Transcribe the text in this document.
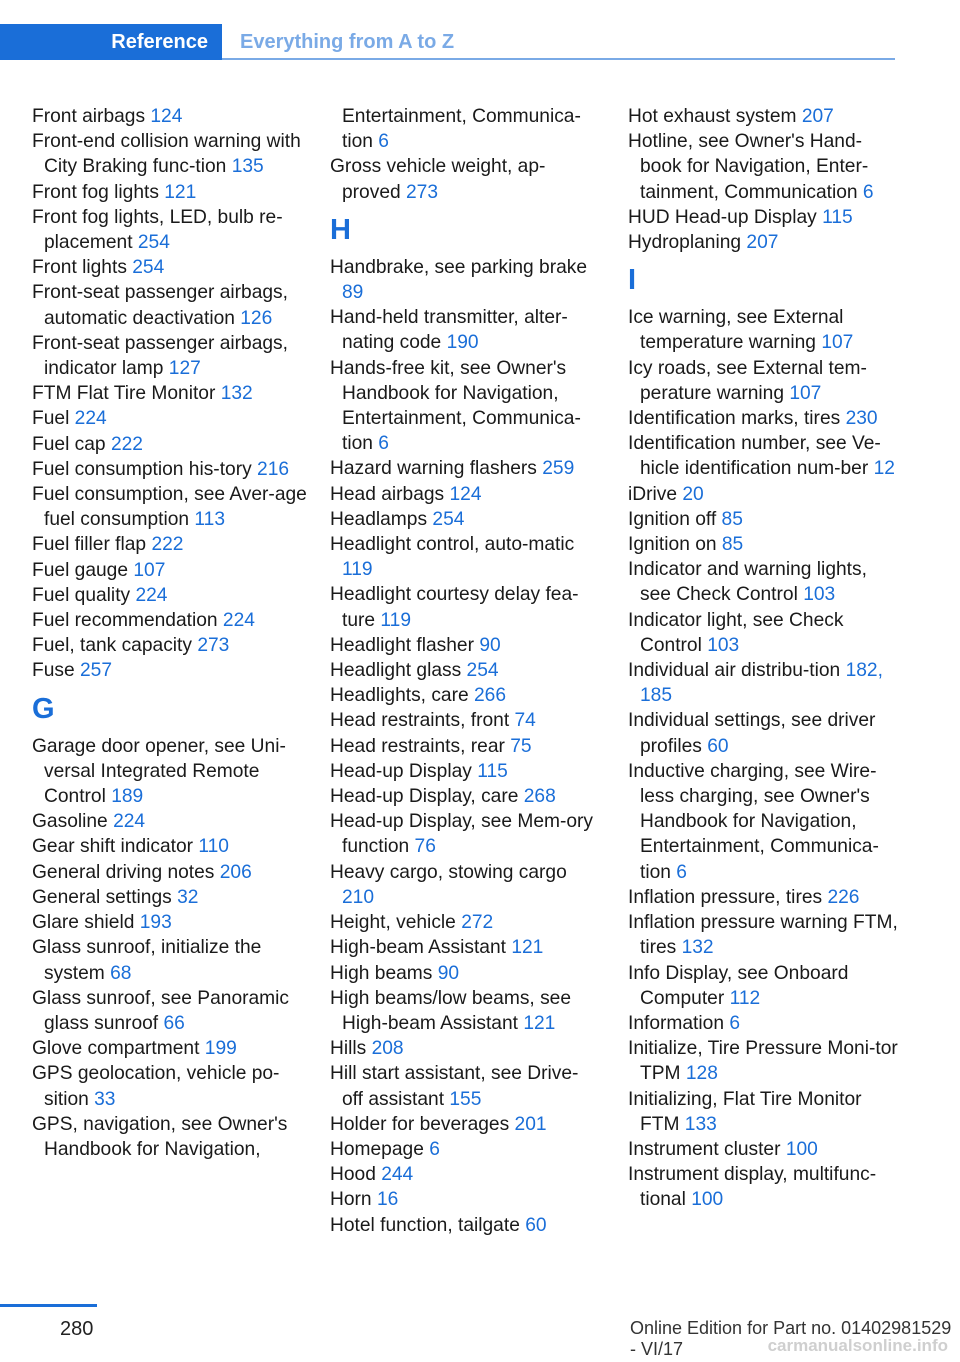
Reference	Everything from A to Z
Front airbags 124
Front-end collision warning with City Braking func-tion 135
Front fog lights 121
Front fog lights, LED, bulb re-placement 254
Front lights 254
Front-seat passenger airbags, automatic deactivation 126
Front-seat passenger airbags, indicator lamp 127
FTM Flat Tire Monitor 132
Fuel 224
Fuel cap 222
Fuel consumption his-tory 216
Fuel consumption, see Aver-age fuel consumption 113
Fuel filler flap 222
Fuel gauge 107
Fuel quality 224
Fuel recommendation 224
Fuel, tank capacity 273
Fuse 257
G
Garage door opener, see Uni-versal Integrated Remote Control 189
Gasoline 224
Gear shift indicator 110
General driving notes 206
General settings 32
Glare shield 193
Glass sunroof, initialize the system 68
Glass sunroof, see Panoramic glass sunroof 66
Glove compartment 199
GPS geolocation, vehicle po-sition 33
GPS, navigation, see Owner's Handbook for Navigation,
Entertainment, Communica-tion 6
Gross vehicle weight, ap-proved 273
H
Handbrake, see parking brake 89
Hand-held transmitter, alter-nating code 190
Hands-free kit, see Owner's Handbook for Navigation, Entertainment, Communica-tion 6
Hazard warning flashers 259
Head airbags 124
Headlamps 254
Headlight control, auto-matic 119
Headlight courtesy delay fea-ture 119
Headlight flasher 90
Headlight glass 254
Headlights, care 266
Head restraints, front 74
Head restraints, rear 75
Head-up Display 115
Head-up Display, care 268
Head-up Display, see Mem-ory function 76
Heavy cargo, stowing cargo 210
Height, vehicle 272
High-beam Assistant 121
High beams 90
High beams/low beams, see High-beam Assistant 121
Hills 208
Hill start assistant, see Drive-off assistant 155
Holder for beverages 201
Homepage 6
Hood 244
Horn 16
Hotel function, tailgate 60
Hot exhaust system 207
Hotline, see Owner's Hand-book for Navigation, Enter-tainment, Communication 6
HUD Head-up Display 115
Hydroplaning 207
I
Ice warning, see External temperature warning 107
Icy roads, see External tem-perature warning 107
Identification marks, tires 230
Identification number, see Ve-hicle identification num-ber 12
iDrive 20
Ignition off 85
Ignition on 85
Indicator and warning lights, see Check Control 103
Indicator light, see Check Control 103
Individual air distribu-tion 182, 185
Individual settings, see driver profiles 60
Inductive charging, see Wire-less charging, see Owner's Handbook for Navigation, Entertainment, Communica-tion 6
Inflation pressure, tires 226
Inflation pressure warning FTM, tires 132
Info Display, see Onboard Computer 112
Information 6
Initialize, Tire Pressure Moni-tor TPM 128
Initializing, Flat Tire Monitor FTM 133
Instrument cluster 100
Instrument display, multifunc-tional 100
280	Online Edition for Part no. 01402981529 - VI/17	carmanualsonline.info
